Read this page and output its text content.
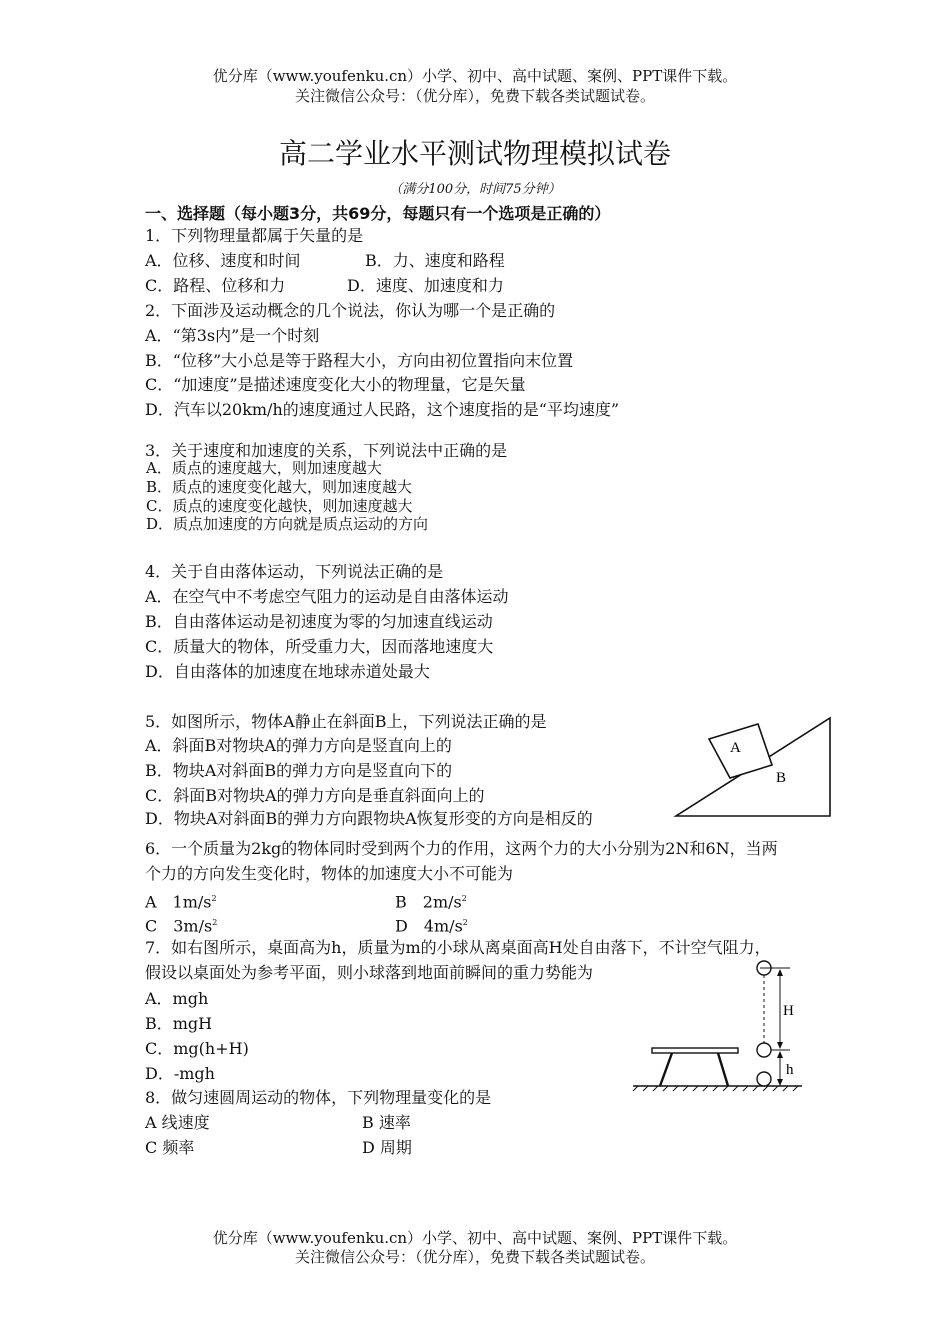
优分库（www.youfenku.cn）小学、初中、高中试题、案例、PPT课件下载。
关注微信公众号：（优分库），免费下载各类试题试卷。
高二学业水平测试物理模拟试卷
（满分100分，时间75分钟）
一、选择题（每小题3分，共69分，每题只有一个选项是正确的）
1．下列物理量都属于矢量的是
A．位移、速度和时间	B．力、速度和路程
C．路程、位移和力	D．速度、加速度和力
2．下面涉及运动概念的几个说法，你认为哪一个是正确的
A．“第3s内”是一个时刻
B．“位移”大小总是等于路程大小，方向由初位置指向末位置
C．“加速度”是描述速度变化大小的物理量，它是矢量
D．汽车以20km/h的速度通过人民路，这个速度指的是“平均速度”
3．关于速度和加速度的关系，下列说法中正确的是
A．质点的速度越大，则加速度越大
B．质点的速度变化越大，则加速度越大
C．质点的速度变化越快，则加速度越大
D．质点加速度的方向就是质点运动的方向
4．关于自由落体运动，下列说法正确的是
A．在空气中不考虑空气阻力的运动是自由落体运动
B．自由落体运动是初速度为零的匀加速直线运动
C．质量大的物体，所受重力大，因而落地速度大
D．自由落体的加速度在地球赤道处最大
5．如图所示，物体A静止在斜面B上，下列说法正确的是
A．斜面B对物块A的弹力方向是竖直向上的
B．物块A对斜面B的弹力方向是竖直向下的
C．斜面B对物块A的弹力方向是垂直斜面向上的
D．物块A对斜面B的弹力方向跟物块A恢复形变的方向是相反的
A
B
6．一个质量为2kg的物体同时受到两个力的作用，这两个力的大小分别为2N和6N，当两
个力的方向发生变化时，物体的加速度大小不可能为
A　$1m/s^2$	B　$2m/s^2$
C　$3m/s^2$	D　$4m/s^2$
7．如右图所示，桌面高为h，质量为m的小球从离桌面高H处自由落下，不计空气阻力，
假设以桌面处为参考平面，则小球落到地面前瞬间的重力势能为
A．mgh
B．mgH
C．mg(h+H)
D．-mgh
H
h
8．做匀速圆周运动的物体，下列物理量变化的是
A 线速度	B 速率
C 频率	D 周期
优分库（www.youfenku.cn）小学、初中、高中试题、案例、PPT课件下载。
关注微信公众号：（优分库），免费下载各类试题试卷。
